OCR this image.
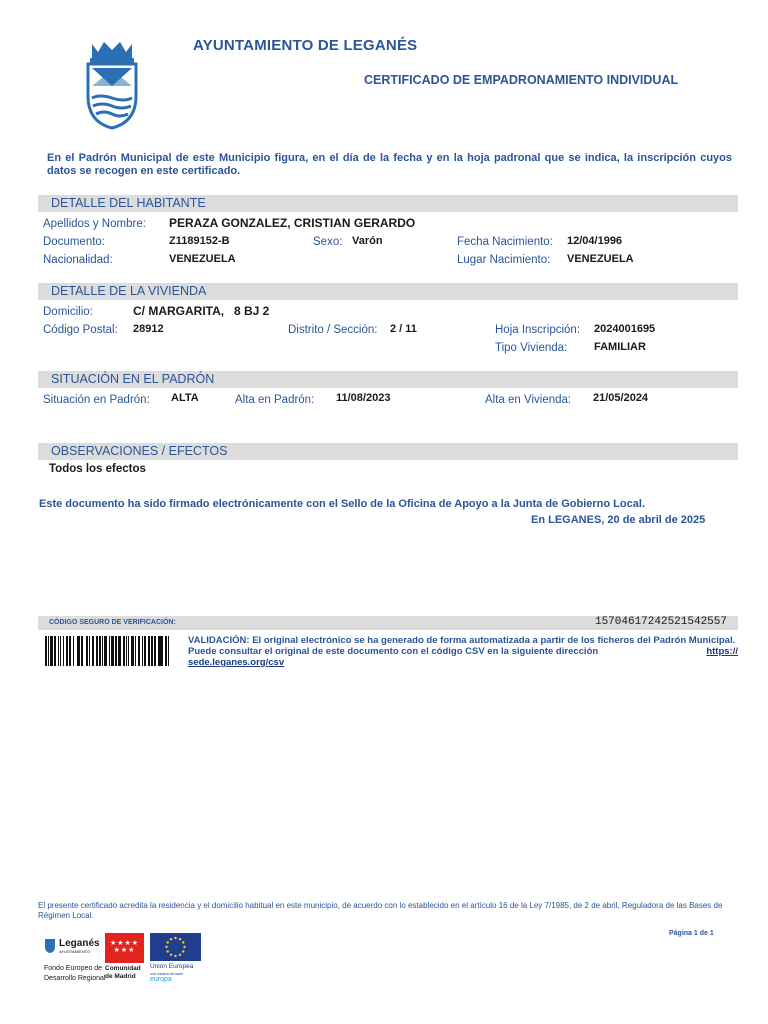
AYUNTAMIENTO DE LEGANÉS
CERTIFICADO DE EMPADRONAMIENTO INDIVIDUAL
En el Padrón Municipal de este Municipio figura, en el día de la fecha y en la hoja padronal que se indica, la inscripción cuyos datos se recogen en este certificado.
DETALLE DEL HABITANTE
Apellidos y Nombre: PERAZA GONZALEZ, CRISTIAN GERARDO
Documento:	Z1189152-B	Sexo: Varón	Fecha Nacimiento: 12/04/1996
Nacionalidad:	VENEZUELA	Lugar Nacimiento: VENEZUELA
DETALLE DE LA VIVIENDA
Domicilio:	C/ MARGARITA, 8 BJ 2
Código Postal: 28912	Distrito / Sección: 2 / 11	Hoja Inscripción: 2024001695
Tipo Vivienda: FAMILIAR
SITUACIÓN EN EL PADRÓN
Situación en Padrón: ALTA	Alta en Padrón: 11/08/2023	Alta en Vivienda: 21/05/2024
OBSERVACIONES / EFECTOS
Todos los efectos
Este documento ha sido firmado electrónicamente con el Sello de la Oficina de Apoyo a la Junta de Gobierno Local.
En LEGANES, 20 de abril de 2025
CÓDIGO SEGURO DE VERIFICACIÓN:	15704617242521542557
VALIDACIÓN: El original electrónico se ha generado de forma automatizada a partir de los ficheros del Padrón Municipal.
Puede consultar el original de este documento con el código CSV en la siguiente dirección	https://

sede.leganes.org/csv
El presente certificado acredita la residencia y el domicilio habitual en este municipio, de acuerdo con lo establecido en el artículo 16 de la Ley 7/1985, de 2 de abril, Reguladora de las Bases de Régimen Local.
Página 1 de 1
Leganés
AYUNTAMIENTO
Fondo Europeo de
Desarrollo Regional
★★★★
★★★
Comunidad
de Madrid
Unión Europea
una manera de hacer
europa
